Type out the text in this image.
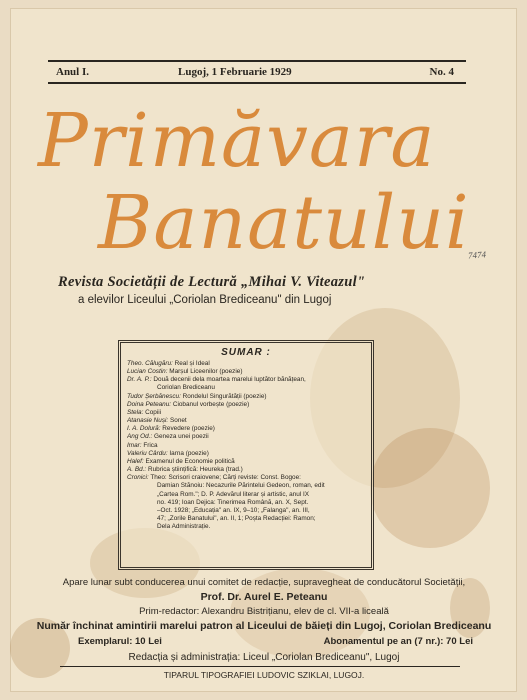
Anul I.	Lugoj, 1 Februarie 1929	No. 4
Primăvara
Banatului
7474
Revista Societății de Lectură „Mihai V. Viteazul"
a elevilor Liceului „Coriolan Brediceanu" din Lugoj
SUMAR :
Theo. Călugăru: Real și Ideal
Lucian Costin: Marșul Liceenilor (poezie)
Dr. A. P.: Două decenii dela moartea marelui luptător bănățean,
Coriolan Brediceanu
Tudor Șerbănescu: Rondelul Singurătății (poezie)
Doina Peteanu: Ciobanul vorbește (poezie)
Stela: Copiii
Atanasie Nuși: Sonet
I. A. Dolură: Revedere (poezie)
Ang Od.: Geneza unei poezii
Imar: Frica
Valeriu Cârdu: Iarna (poezie)
Halef: Examenul de Economie politică
A. Bd.: Rubrica științifică: Heureka (trad.)
Cronici: Theo: Scrisori craiovene; Cărți reviste: Const. Bogoe:
Damian Stănoiu: Necazurile Părintelui Gedeon, roman, edit
„Cartea Rom."; D. P. Adevărul literar și artistic, anul IX
no. 419; Ioan Dejica: Tinerimea Română, an. X, Sept.
–Oct. 1928; „Educația" an. IX, 9–10; „Falanga", an. III,
47; „Zorile Banatului", an. II, 1; Poșta Redacției: Ramon;
Dela Administrație.
Apare lunar subt conducerea unui comitet de redacție, supravegheat de conducătorul Societății,
Prof. Dr. Aurel E. Peteanu
Prim-redactor: Alexandru Bistrițianu, elev de cl. VII-a liceală
Număr închinat amintirii marelui patron al Liceului de băieți din Lugoj, Coriolan Brediceanu
Exemplarul: 10 Lei	Abonamentul pe an (7 nr.): 70 Lei
Redacția și administrația: Liceul „Coriolan Brediceanu", Lugoj
TIPARUL TIPOGRAFIEI LUDOVIC SZIKLAI, LUGOJ.
